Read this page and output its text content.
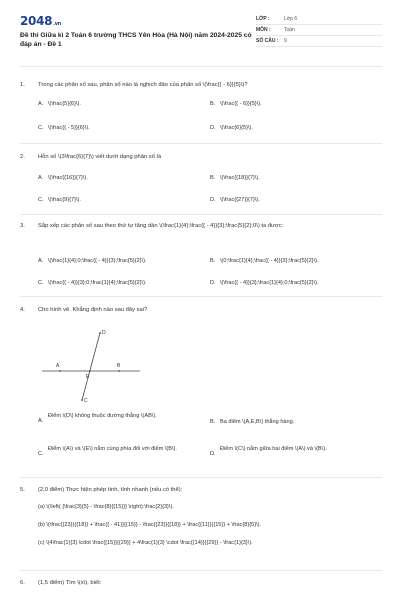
2048.vn
Đề thi Giữa kì 2 Toán 6 trường THCS Yên Hòa (Hà Nội) năm 2024-2025 có đáp án - Đề 1
LỚP :	Lớp 6
MÔN :	Toán
SỐ CÂU :	9
1.	Trong các phân số sau, phân số nào là nghịch đảo của phân số \(\frac{{ - 6}}{5}\)?
A. \(\frac{5}{6}\).	B. \(\frac{{ - 6}}{5}\).
C. \(\frac{{ - 5}}{6}\).	D. \(\frac{6}{5}\).
2.	Hỗn số \(3\frac{6}{7}\) viết dưới dạng phân số là
A. \(\frac{{16}}{7}\).	B. \(\frac{{18}}{7}\).
C. \(\frac{9}{7}\).	D. \(\frac{{27}}{7}\).
3.	Sắp xếp các phân số sau theo thứ tự tăng dần \(\frac{1}{4};\frac{{ - 4}}{3};\frac{5}{2};0\) ta được:
A. \(\frac{1}{4};0;\frac{{ - 4}}{3};\frac{5}{2}\).	B. \(0;\frac{1}{4};\frac{{ - 4}}{3};\frac{5}{2}\).
C. \(\frac{{ - 4}}{3};0;\frac{1}{4};\frac{5}{2}\).	D. \(\frac{{ - 4}}{3};\frac{1}{4};0;\frac{5}{2}\).
4.	Cho hình vẽ. Khẳng định nào sau đây sai?
A	B
E
D
C
A.
Điểm \(D\) không thuộc đường thẳng \(AB\).
B. Ba điểm \(A,E,B\) thẳng hàng.
C.
Điểm \(A\) và \(E\) nằm cùng phía đối với điểm \(B\).
D.
Điểm \(C\) nằm giữa hai điểm \(A\) và \(B\).
5.	(2,0 điểm) Thực hiện phép tính, tính nhanh (nếu có thể):
(a) \(\left( {\frac{3}{5} - \frac{8}{{15}}} \right):\frac{2}{3}\).
(b) \(\frac{{23}}{{18}} + \frac{{ - 41}}{{15}} - \frac{{23}}{{18}} + \frac{{11}}{{15}} + \frac{8}{5}\).
(c) \(4\frac{1}{3} \cdot \frac{{15}}{{29}} + 4\frac{1}{3} \cdot \frac{{14}}{{29}} - \frac{1}{3}\).
6.	(1,5 điểm) Tìm \(x\), biết:
